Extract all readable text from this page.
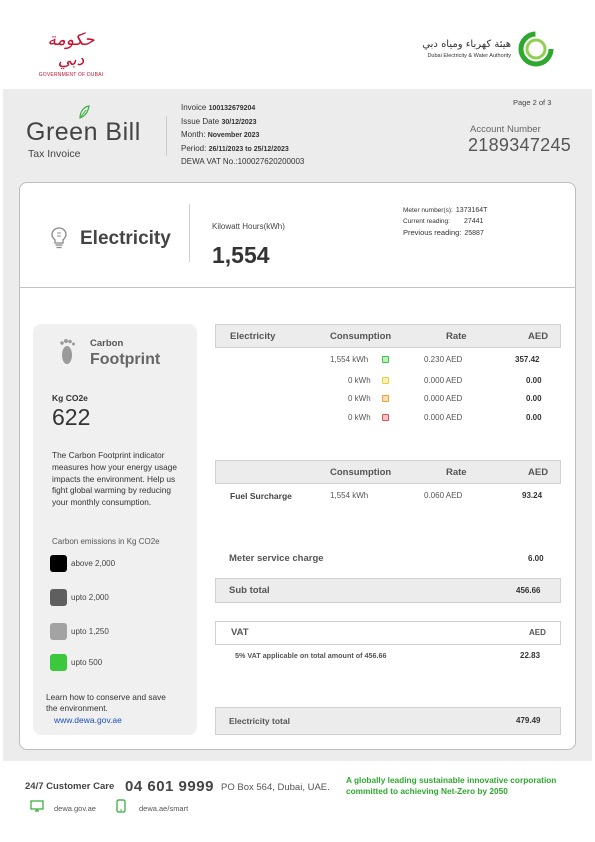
حكومة دبي
GOVERNMENT OF DUBAI
هيئة كهرباء ومياه دبي
Dubai Electricity & Water Authority
Green Bill
Tax Invoice
Invoice 100132679204
Issue Date 30/12/2023
Month: November 2023
Period: 26/11/2023 to 25/12/2023
DEWA VAT No.:100027620200003
Page 2 of 3
Account Number
2189347245
Electricity
Kilowatt Hours(kWh)
1,554
Meter number(s): 1373164T
Current reading: 27441
Previous reading: 25887
Carbon
Footprint
Kg CO2e
622
The Carbon Footprint indicator measures how your energy usage impacts the environment. Help us fight global warming by reducing your monthly consumption.
Carbon emissions in Kg CO2e
above 2,000
upto 2,000
upto 1,250
upto 500
Learn how to conserve and save the environment.
www.dewa.gov.ae
Electricity	Consumption	Rate	AED
1,554 kWh	0.230 AED	357.42
0 kWh	0.000 AED	0.00
0 kWh	0.000 AED	0.00
0 kWh	0.000 AED	0.00
Consumption	Rate	AED
Fuel Surcharge	1,554 kWh	0.060 AED	93.24
Meter service charge	6.00
Sub total	456.66
VAT	AED
5% VAT applicable on total amount of 456.66	22.83
Electricity total	479.49
24/7 Customer Care 04 601 9999 PO Box 564, Dubai, UAE.
A globally leading sustainable innovative corporation committed to achieving Net-Zero by 2050
dewa.gov.ae	dewa.ae/smart
